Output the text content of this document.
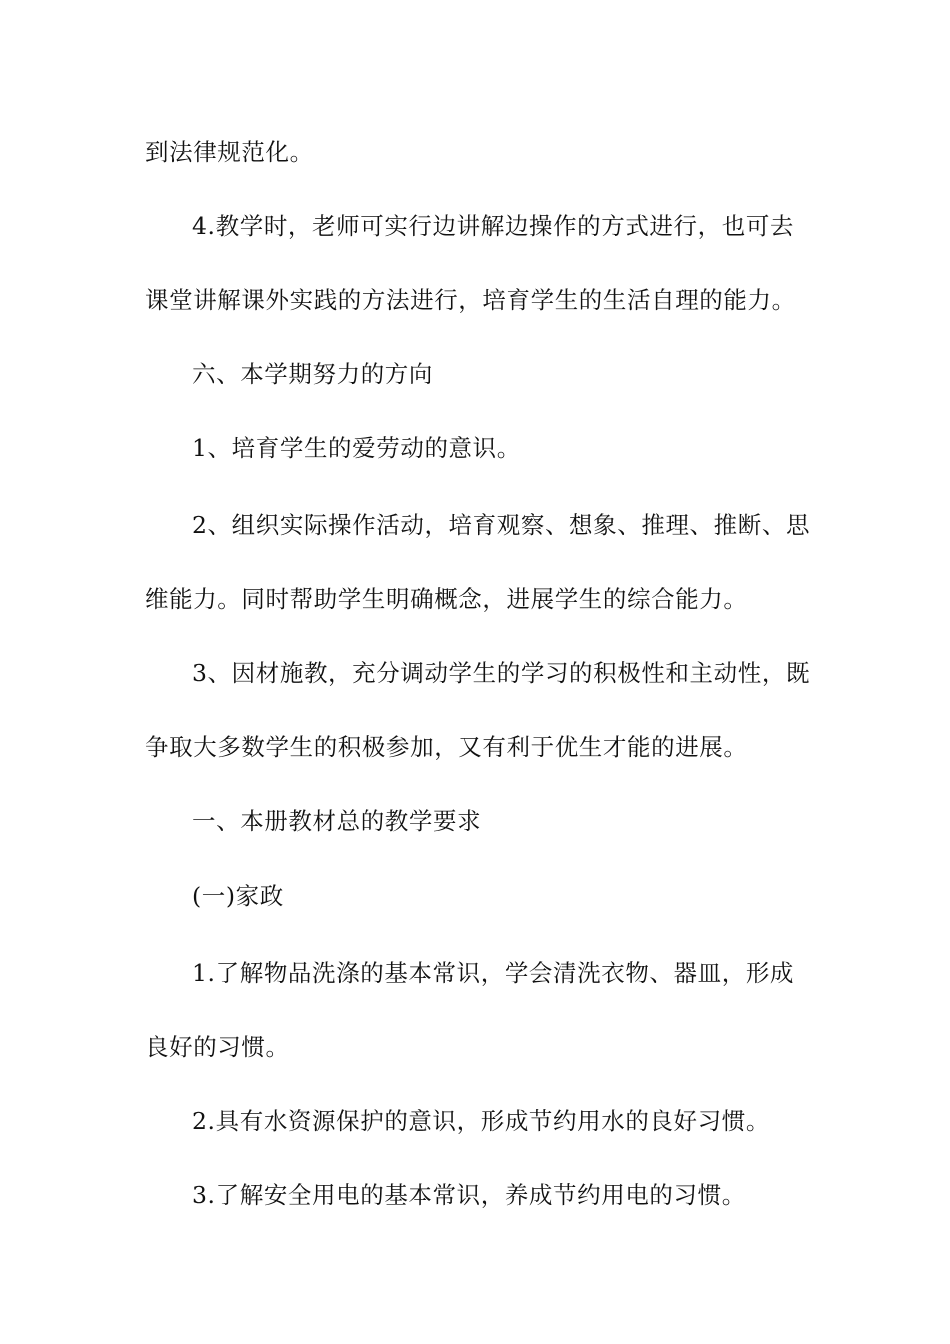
到法律规范化。
4.教学时，老师可实行边讲解边操作的方式进行，也可去
课堂讲解课外实践的方法进行，培育学生的生活自理的能力。
六、本学期努力的方向
1、培育学生的爱劳动的意识。
2、组织实际操作活动，培育观察、想象、推理、推断、思
维能力。同时帮助学生明确概念，进展学生的综合能力。
3、因材施教，充分调动学生的学习的积极性和主动性，既
争取大多数学生的积极参加，又有利于优生才能的进展。
一、本册教材总的教学要求
(一)家政
1.了解物品洗涤的基本常识，学会清洗衣物、器皿，形成
良好的习惯。
2.具有水资源保护的意识，形成节约用水的良好习惯。
3.了解安全用电的基本常识，养成节约用电的习惯。
